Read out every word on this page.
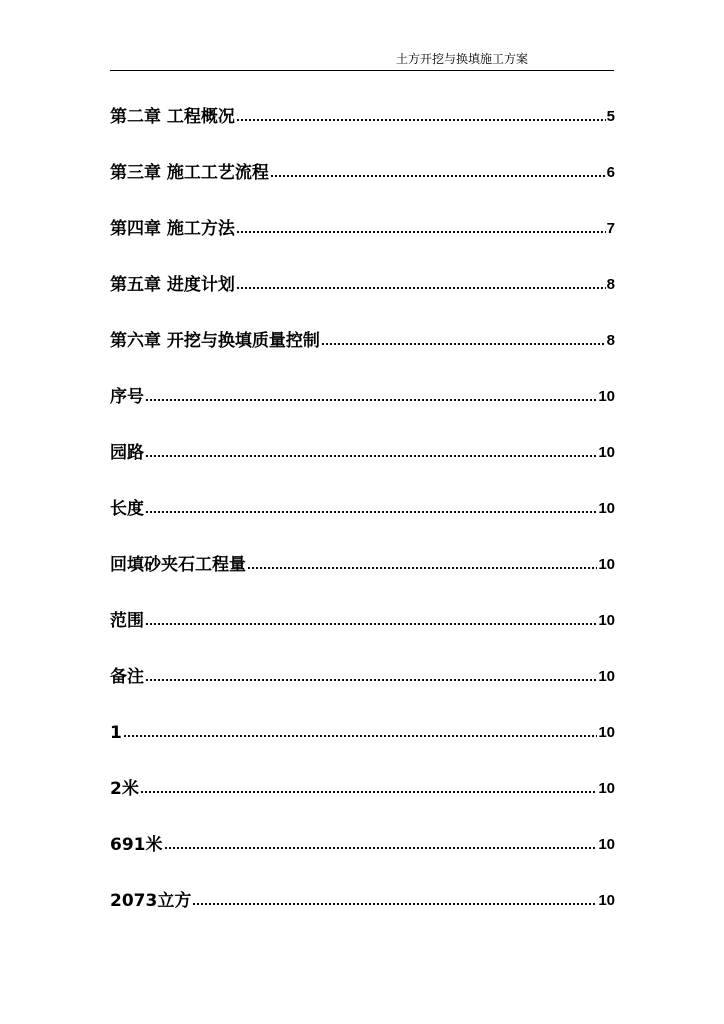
土方开挖与换填施工方案
第二章 工程概况	5
第三章 施工工艺流程	6
第四章 施工方法	7
第五章 进度计划	8
第六章 开挖与换填质量控制	8
序号	10
园路	10
长度	10
回填砂夹石工程量	10
范围	10
备注	10
1	10
2米	10
691米	10
2073立方	10
